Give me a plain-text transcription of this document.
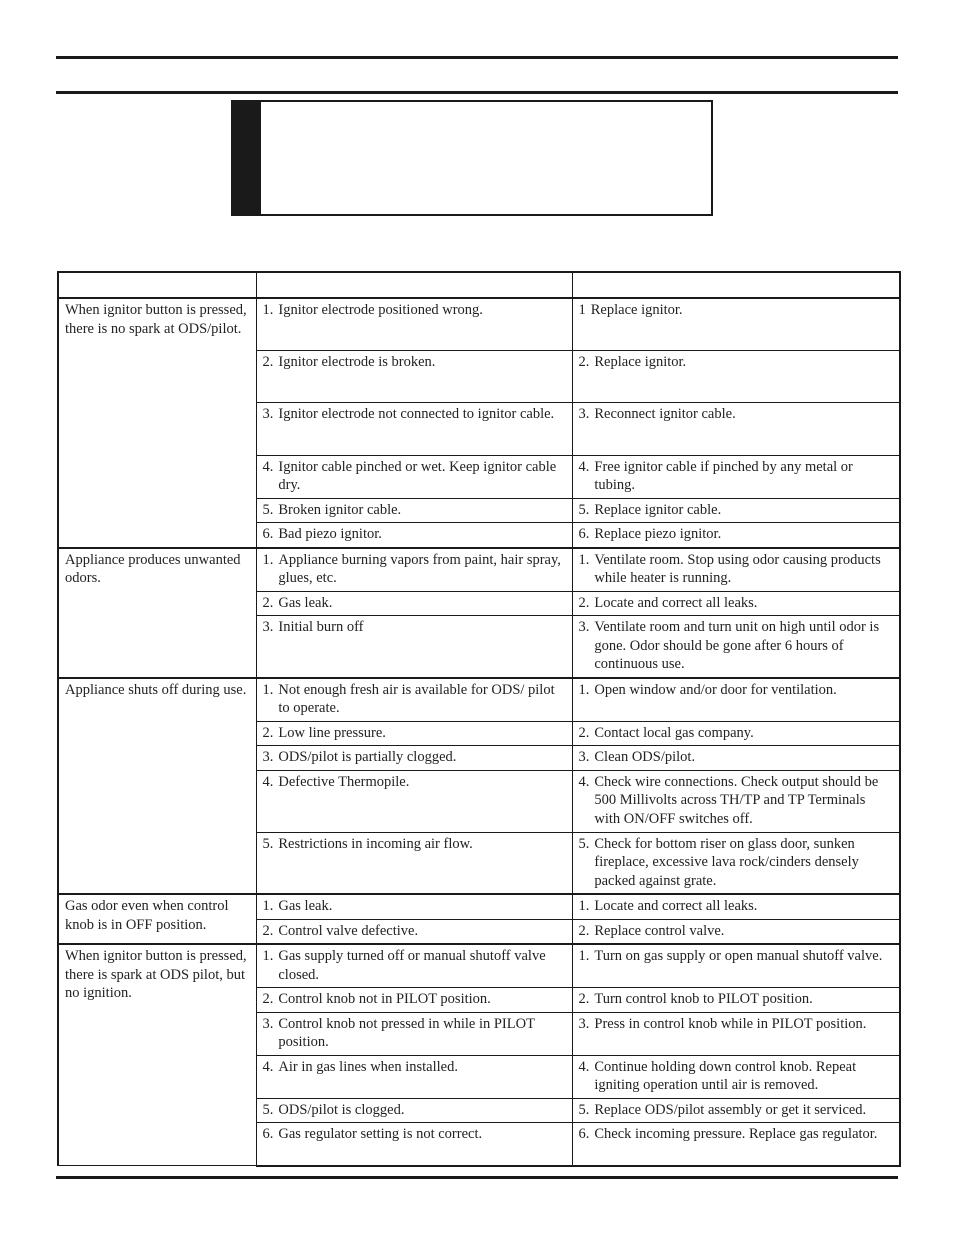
When ignitor button is pressed, there is no spark at ODS/pilot.	1. Ignitor electrode positioned wrong.	1 Replace ignitor.

	2. Ignitor electrode is broken.	2. Replace ignitor.

	3. Ignitor electrode not connected to ignitor cable.	3. Reconnect ignitor cable.

	4. Ignitor cable pinched or wet. Keep ignitor cable dry.	4. Free ignitor cable if pinched by any metal or tubing.

	5. Broken ignitor cable.	5. Replace ignitor cable.

	6. Bad piezo ignitor.	6. Replace piezo ignitor.

Appliance produces unwanted odors.	1. Appliance burning vapors from paint, hair spray, glues, etc.	1. Ventilate room. Stop using odor causing products while heater is running.

	2. Gas leak.	2. Locate and correct all leaks.

	3. Initial burn off	3. Ventilate room and turn unit on high until odor is gone. Odor should be gone after 6 hours of continuous use.

Appliance shuts off during use.	1. Not enough fresh air is available for ODS/ pilot to operate.	1. Open window and/or door for ventilation.

	2. Low line pressure.	2. Contact local gas company.

	3. ODS/pilot is partially clogged.	3. Clean ODS/pilot.

	4. Defective Thermopile.	4. Check wire connections. Check output should be 500 Millivolts across TH/TP and TP Terminals with ON/OFF switches off.

	5. Restrictions in incoming air flow.	5. Check for bottom riser on glass door, sunken fireplace, excessive lava rock/cinders densely packed against grate.

Gas odor even when control knob is in OFF position.	1. Gas leak.	1. Locate and correct all leaks.

	2. Control valve defective.	2. Replace control valve.

When ignitor button is pressed, there is spark at ODS pilot, but no ignition.	1. Gas supply turned off or manual shutoff valve closed.	1. Turn on gas supply or open manual shutoff valve.

	2. Control knob not in PILOT position.	2. Turn control knob to PILOT position.

	3. Control knob not pressed in while in PILOT position.	3. Press in control knob while in PILOT position.

	4. Air in gas lines when installed.	4. Continue holding down control knob. Repeat igniting operation until air is removed.

	5. ODS/pilot is clogged.	5. Replace ODS/pilot assembly or get it serviced.

	6. Gas regulator setting is not correct.	6. Check incoming pressure. Replace gas regulator.
